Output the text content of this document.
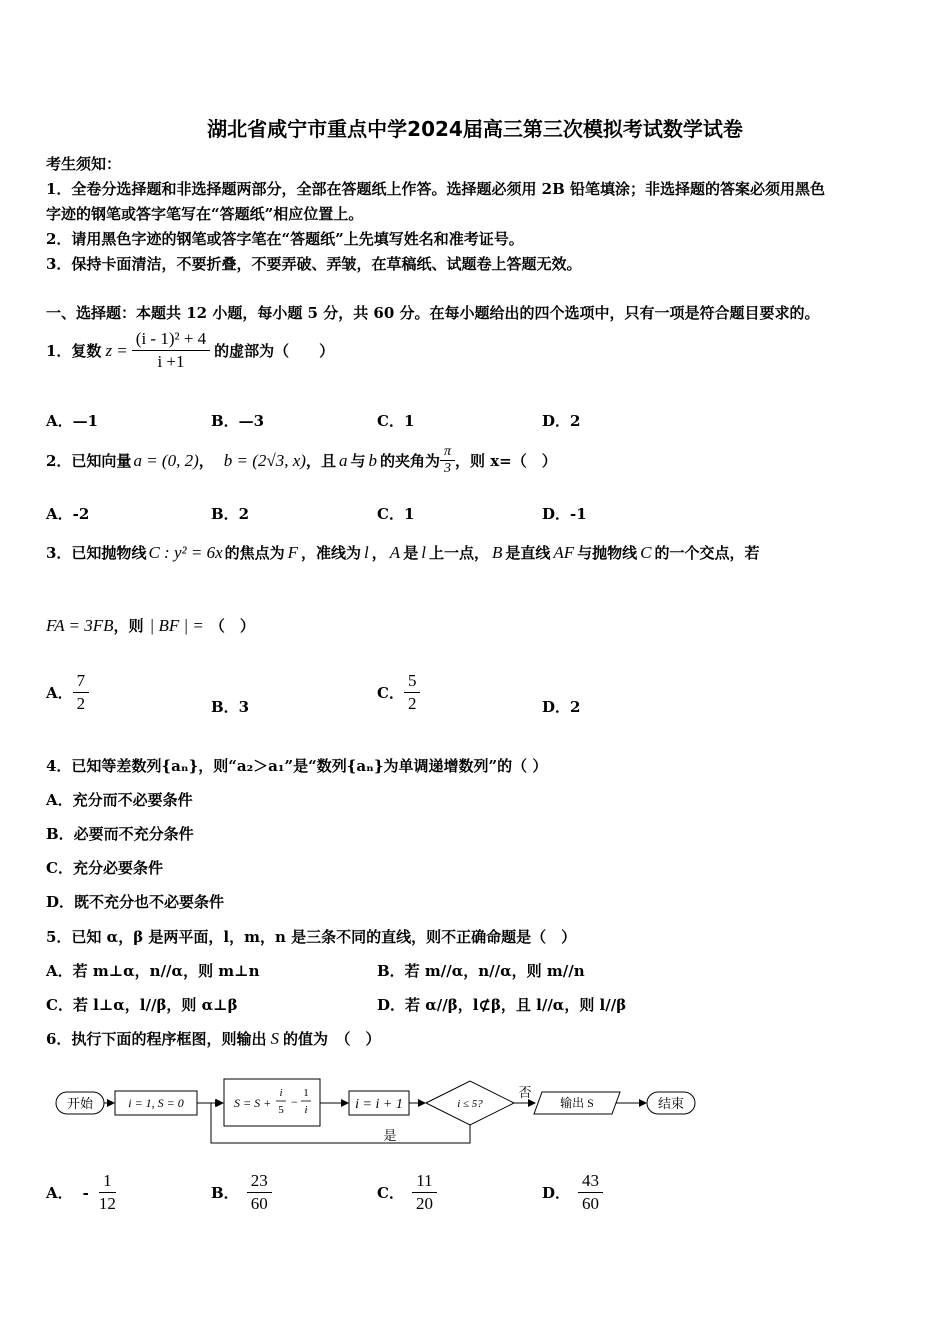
湖北省咸宁市重点中学2024届高三第三次模拟考试数学试卷
考生须知：
1．全卷分选择题和非选择题两部分，全部在答题纸上作答。选择题必须用 2B 铅笔填涂；非选择题的答案必须用黑色
字迹的钢笔或答字笔写在“答题纸”相应位置上。
2．请用黑色字迹的钢笔或答字笔在“答题纸”上先填写姓名和准考证号。
3．保持卡面清洁，不要折叠，不要弄破、弄皱，在草稿纸、试题卷上答题无效。
一、选择题：本题共 12 小题，每小题 5 分，共 60 分。在每小题给出的四个选项中，只有一项是符合题目要求的。
1．复数 $z = \frac{\text{(i - 1)² + 4}}{i +1}$ 的虚部为（　　）
A．—1	B．—3	C．1	D．2
2．已知向量 a = (0, 2) ， b = (2√3, x) ，且 a 与 b 的夹角为 $\frac{\pi}{3}$ ，则 x=（　）
A．-2	B．2	C．1	D．-1
3．已知抛物线 C : y² = 6x 的焦点为 F ，准线为 l ， A 是 l 上一点， B 是直线 AF 与抛物线 C 的一个交点，若
FA = 3FB ，则 | BF | = （　）
A． $\frac{7}{2}$	B．3
C． $\frac{5}{2}$	D．2
4．已知等差数列{aₙ}，则“a₂＞a₁”是“数列{aₙ}为单调递增数列”的（ ）
A．充分而不必要条件
B．必要而不充分条件
C．充分必要条件
D．既不充分也不必要条件
5．已知 α，β 是两平面，l，m，n 是三条不同的直线，则不正确命题是（　）
A．若 m⊥α，n//α，则 m⊥n	B．若 m//α，n//α，则 m//n
C．若 l⊥α，l//β，则 α⊥β	D．若 α//β，l⊄β，且 l//α，则 l//β
6．执行下面的程序框图，则输出 S 的值为　（　）
开始	i = 1, S = 0	S = S +
i
5
−
1
i	i = i + 1	i ≤ 5?
否
输出 S	结束
是
A． - $\frac{1}{12}$	B． $\frac{23}{60}$	C． $\frac{11}{20}$	D． $\frac{43}{60}$
